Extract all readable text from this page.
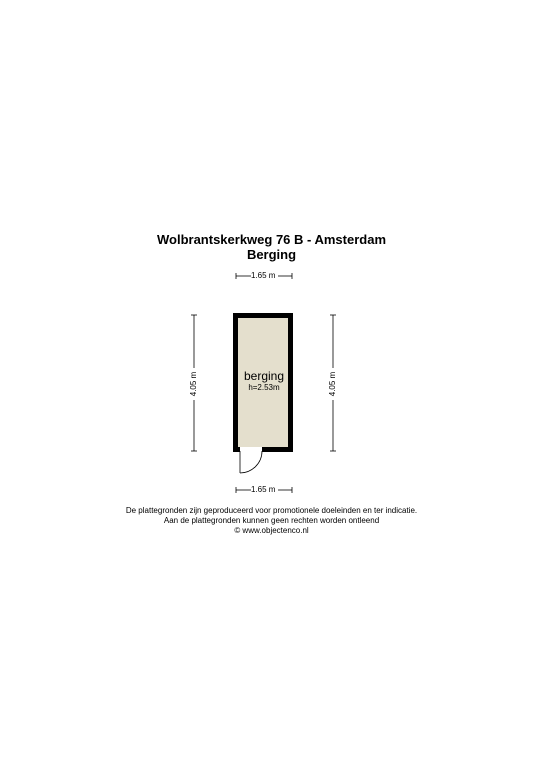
Wolbrantskerkweg 76 B - Amsterdam
Berging
1.65 m
1.65 m
4.05 m	4.05 m
berging
h=2.53m
De plattegronden zijn geproduceerd voor promotionele doeleinden en ter indicatie.
Aan de plattegronden kunnen geen rechten worden ontleend
© www.objectenco.nl
